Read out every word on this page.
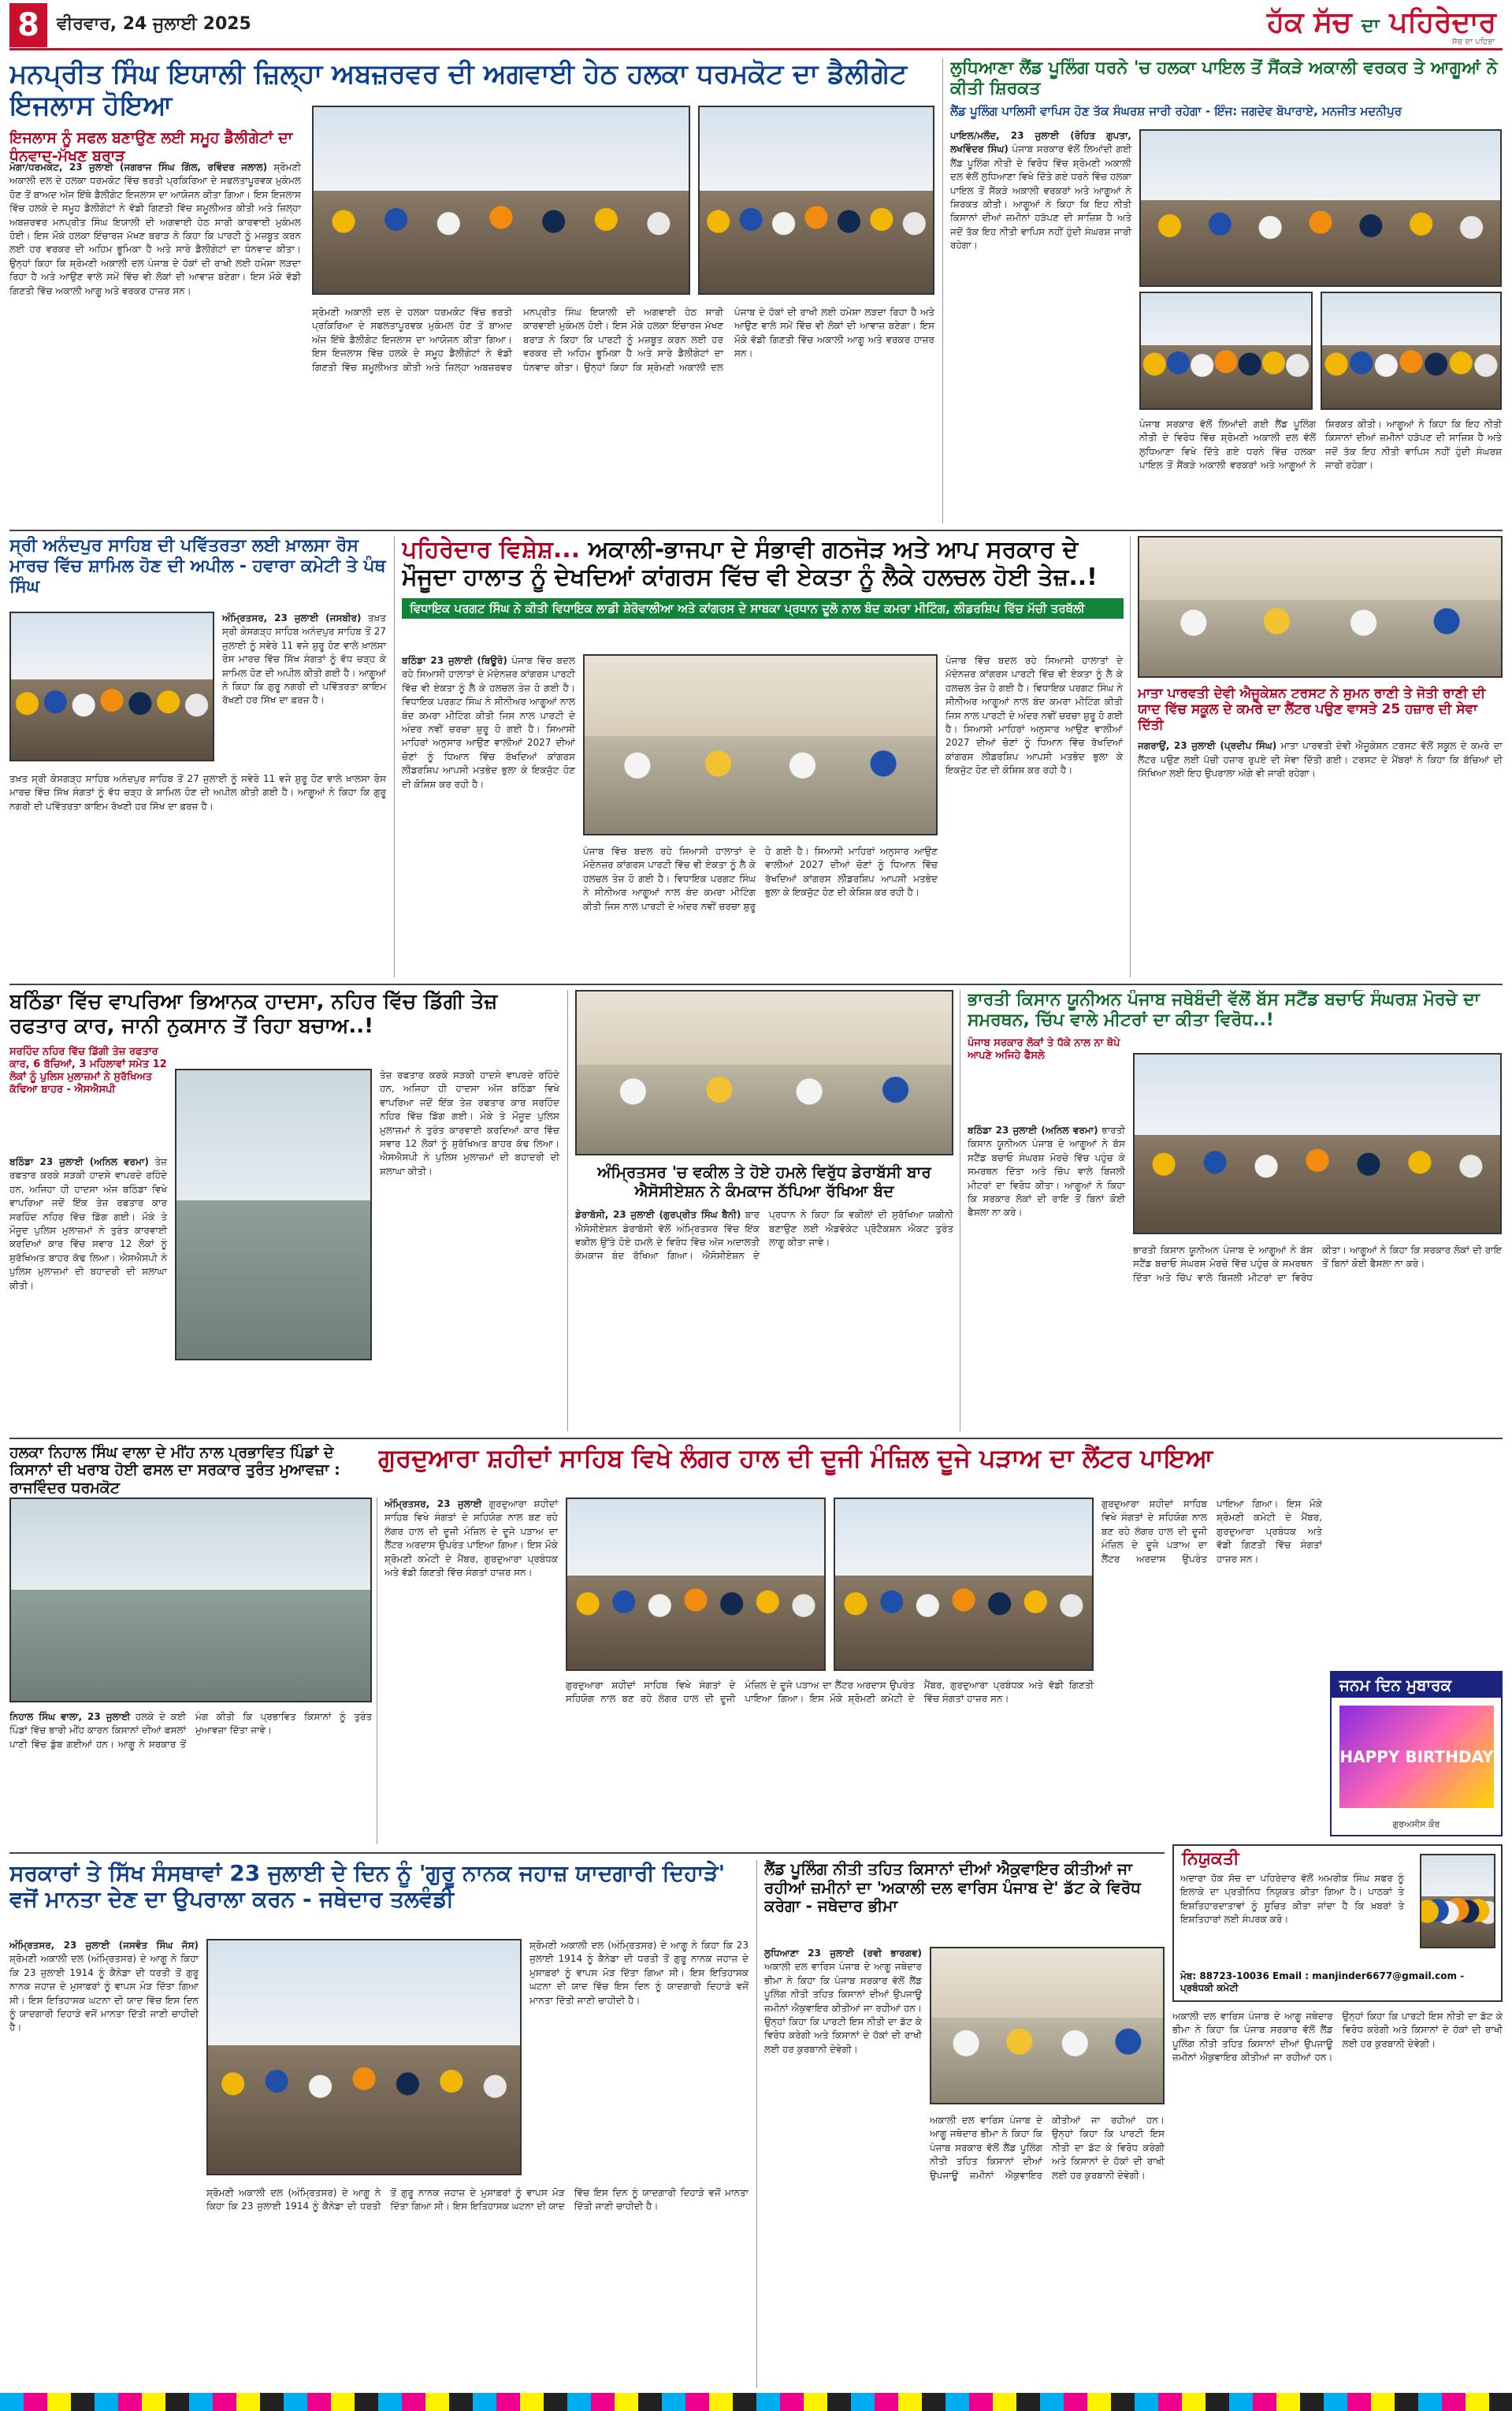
8	ਵੀਰਵਾਰ, 24 ਜੁਲਾਈ 2025	ਹੱਕ ਸੱਚ ਦਾ ਪਹਿਰੇਦਾਰ
ਸੱਚ ਦਾ ਪਹਿਰਾ
ਮਨਪ੍ਰੀਤ ਸਿੰਘ ਇਯਾਲੀ ਜ਼ਿਲ੍ਹਾ ਅਬਜ਼ਰਵਰ ਦੀ ਅਗਵਾਈ ਹੇਠ ਹਲਕਾ ਧਰਮਕੋਟ ਦਾ ਡੈਲੀਗੇਟ ਇਜਲਾਸ ਹੋਇਆ
ਇਜਲਾਸ ਨੂੰ ਸਫਲ ਬਣਾਉਣ ਲਈ ਸਮੂਹ ਡੈਲੀਗੇਟਾਂ ਦਾ ਧੰਨਵਾਦ-ਮੱਖਣ ਬਰਾੜ
ਮੋਗਾ/ਧਰਮਕੋਟ, 23 ਜੁਲਾਈ (ਜਗਰਾਜ ਸਿੰਘ ਗਿੱਲ, ਰਵਿੰਦਰ ਜਲਾਲ) ਸ਼੍ਰੋਮਣੀ ਅਕਾਲੀ ਦਲ ਦੇ ਹਲਕਾ ਧਰਮਕੋਟ ਵਿੱਚ ਭਰਤੀ ਪ੍ਰਕਿਰਿਆ ਦੇ ਸਫਲਤਾਪੂਰਵਕ ਮੁਕੰਮਲ ਹੋਣ ਤੋਂ ਬਾਅਦ ਅੱਜ ਇੱਥੇ ਡੈਲੀਗੇਟ ਇਜਲਾਸ ਦਾ ਆਯੋਜਨ ਕੀਤਾ ਗਿਆ। ਇਸ ਇਜਲਾਸ ਵਿੱਚ ਹਲਕੇ ਦੇ ਸਮੂਹ ਡੈਲੀਗੇਟਾਂ ਨੇ ਵੱਡੀ ਗਿਣਤੀ ਵਿੱਚ ਸ਼ਮੂਲੀਅਤ ਕੀਤੀ ਅਤੇ ਜ਼ਿਲ੍ਹਾ ਅਬਜ਼ਰਵਰ ਮਨਪ੍ਰੀਤ ਸਿੰਘ ਇਯਾਲੀ ਦੀ ਅਗਵਾਈ ਹੇਠ ਸਾਰੀ ਕਾਰਵਾਈ ਮੁਕੰਮਲ ਹੋਈ। ਇਸ ਮੌਕੇ ਹਲਕਾ ਇੰਚਾਰਜ ਮੱਖਣ ਬਰਾੜ ਨੇ ਕਿਹਾ ਕਿ ਪਾਰਟੀ ਨੂੰ ਮਜ਼ਬੂਤ ਕਰਨ ਲਈ ਹਰ ਵਰਕਰ ਦੀ ਅਹਿਮ ਭੂਮਿਕਾ ਹੈ ਅਤੇ ਸਾਰੇ ਡੈਲੀਗੇਟਾਂ ਦਾ ਧੰਨਵਾਦ ਕੀਤਾ। ਉਨ੍ਹਾਂ ਕਿਹਾ ਕਿ ਸ਼੍ਰੋਮਣੀ ਅਕਾਲੀ ਦਲ ਪੰਜਾਬ ਦੇ ਹੱਕਾਂ ਦੀ ਰਾਖੀ ਲਈ ਹਮੇਸ਼ਾ ਲੜਦਾ ਰਿਹਾ ਹੈ ਅਤੇ ਆਉਣ ਵਾਲੇ ਸਮੇਂ ਵਿੱਚ ਵੀ ਲੋਕਾਂ ਦੀ ਆਵਾਜ਼ ਬਣੇਗਾ। ਇਸ ਮੌਕੇ ਵੱਡੀ ਗਿਣਤੀ ਵਿੱਚ ਅਕਾਲੀ ਆਗੂ ਅਤੇ ਵਰਕਰ ਹਾਜ਼ਰ ਸਨ।
ਸ਼੍ਰੋਮਣੀ ਅਕਾਲੀ ਦਲ ਦੇ ਹਲਕਾ ਧਰਮਕੋਟ ਵਿੱਚ ਭਰਤੀ ਪ੍ਰਕਿਰਿਆ ਦੇ ਸਫਲਤਾਪੂਰਵਕ ਮੁਕੰਮਲ ਹੋਣ ਤੋਂ ਬਾਅਦ ਅੱਜ ਇੱਥੇ ਡੈਲੀਗੇਟ ਇਜਲਾਸ ਦਾ ਆਯੋਜਨ ਕੀਤਾ ਗਿਆ। ਇਸ ਇਜਲਾਸ ਵਿੱਚ ਹਲਕੇ ਦੇ ਸਮੂਹ ਡੈਲੀਗੇਟਾਂ ਨੇ ਵੱਡੀ ਗਿਣਤੀ ਵਿੱਚ ਸ਼ਮੂਲੀਅਤ ਕੀਤੀ ਅਤੇ ਜ਼ਿਲ੍ਹਾ ਅਬਜ਼ਰਵਰ ਮਨਪ੍ਰੀਤ ਸਿੰਘ ਇਯਾਲੀ ਦੀ ਅਗਵਾਈ ਹੇਠ ਸਾਰੀ ਕਾਰਵਾਈ ਮੁਕੰਮਲ ਹੋਈ। ਇਸ ਮੌਕੇ ਹਲਕਾ ਇੰਚਾਰਜ ਮੱਖਣ ਬਰਾੜ ਨੇ ਕਿਹਾ ਕਿ ਪਾਰਟੀ ਨੂੰ ਮਜ਼ਬੂਤ ਕਰਨ ਲਈ ਹਰ ਵਰਕਰ ਦੀ ਅਹਿਮ ਭੂਮਿਕਾ ਹੈ ਅਤੇ ਸਾਰੇ ਡੈਲੀਗੇਟਾਂ ਦਾ ਧੰਨਵਾਦ ਕੀਤਾ। ਉਨ੍ਹਾਂ ਕਿਹਾ ਕਿ ਸ਼੍ਰੋਮਣੀ ਅਕਾਲੀ ਦਲ ਪੰਜਾਬ ਦੇ ਹੱਕਾਂ ਦੀ ਰਾਖੀ ਲਈ ਹਮੇਸ਼ਾ ਲੜਦਾ ਰਿਹਾ ਹੈ ਅਤੇ ਆਉਣ ਵਾਲੇ ਸਮੇਂ ਵਿੱਚ ਵੀ ਲੋਕਾਂ ਦੀ ਆਵਾਜ਼ ਬਣੇਗਾ। ਇਸ ਮੌਕੇ ਵੱਡੀ ਗਿਣਤੀ ਵਿੱਚ ਅਕਾਲੀ ਆਗੂ ਅਤੇ ਵਰਕਰ ਹਾਜ਼ਰ ਸਨ।
ਲੁਧਿਆਣਾ ਲੈਂਡ ਪੂਲਿੰਗ ਧਰਨੇ 'ਚ ਹਲਕਾ ਪਾਇਲ ਤੋਂ ਸੈਂਕੜੇ ਅਕਾਲੀ ਵਰਕਰ ਤੇ ਆਗੂਆਂ ਨੇ ਕੀਤੀ ਸ਼ਿਰਕਤ
ਲੈਂਡ ਪੂਲਿੰਗ ਪਾਲਿਸੀ ਵਾਪਿਸ ਹੋਣ ਤੱਕ ਸੰਘਰਸ਼ ਜਾਰੀ ਰਹੇਗਾ - ਇੰਜ: ਜਗਦੇਵ ਬੋਪਾਰਾਏ, ਮਨਜੀਤ ਮਦਨੀਪੁਰ
ਪਾਇਲ/ਮਲੌਦ, 23 ਜੁਲਾਈ (ਰੋਹਿਤ ਗੁਪਤਾ, ਲਖਵਿੰਦਰ ਸਿੰਘ) ਪੰਜਾਬ ਸਰਕਾਰ ਵੱਲੋਂ ਲਿਆਂਦੀ ਗਈ ਲੈਂਡ ਪੂਲਿੰਗ ਨੀਤੀ ਦੇ ਵਿਰੋਧ ਵਿੱਚ ਸ਼੍ਰੋਮਣੀ ਅਕਾਲੀ ਦਲ ਵੱਲੋਂ ਲੁਧਿਆਣਾ ਵਿਖੇ ਦਿੱਤੇ ਗਏ ਧਰਨੇ ਵਿੱਚ ਹਲਕਾ ਪਾਇਲ ਤੋਂ ਸੈਂਕੜੇ ਅਕਾਲੀ ਵਰਕਰਾਂ ਅਤੇ ਆਗੂਆਂ ਨੇ ਸ਼ਿਰਕਤ ਕੀਤੀ। ਆਗੂਆਂ ਨੇ ਕਿਹਾ ਕਿ ਇਹ ਨੀਤੀ ਕਿਸਾਨਾਂ ਦੀਆਂ ਜ਼ਮੀਨਾਂ ਹੜੱਪਣ ਦੀ ਸਾਜ਼ਿਸ਼ ਹੈ ਅਤੇ ਜਦੋਂ ਤੱਕ ਇਹ ਨੀਤੀ ਵਾਪਿਸ ਨਹੀਂ ਹੁੰਦੀ ਸੰਘਰਸ਼ ਜਾਰੀ ਰਹੇਗਾ।
ਪੰਜਾਬ ਸਰਕਾਰ ਵੱਲੋਂ ਲਿਆਂਦੀ ਗਈ ਲੈਂਡ ਪੂਲਿੰਗ ਨੀਤੀ ਦੇ ਵਿਰੋਧ ਵਿੱਚ ਸ਼੍ਰੋਮਣੀ ਅਕਾਲੀ ਦਲ ਵੱਲੋਂ ਲੁਧਿਆਣਾ ਵਿਖੇ ਦਿੱਤੇ ਗਏ ਧਰਨੇ ਵਿੱਚ ਹਲਕਾ ਪਾਇਲ ਤੋਂ ਸੈਂਕੜੇ ਅਕਾਲੀ ਵਰਕਰਾਂ ਅਤੇ ਆਗੂਆਂ ਨੇ ਸ਼ਿਰਕਤ ਕੀਤੀ। ਆਗੂਆਂ ਨੇ ਕਿਹਾ ਕਿ ਇਹ ਨੀਤੀ ਕਿਸਾਨਾਂ ਦੀਆਂ ਜ਼ਮੀਨਾਂ ਹੜੱਪਣ ਦੀ ਸਾਜ਼ਿਸ਼ ਹੈ ਅਤੇ ਜਦੋਂ ਤੱਕ ਇਹ ਨੀਤੀ ਵਾਪਿਸ ਨਹੀਂ ਹੁੰਦੀ ਸੰਘਰਸ਼ ਜਾਰੀ ਰਹੇਗਾ।
ਸ੍ਰੀ ਅਨੰਦਪੁਰ ਸਾਹਿਬ ਦੀ ਪਵਿੱਤਰਤਾ ਲਈ ਖ਼ਾਲਸਾ ਰੋਸ ਮਾਰਚ ਵਿੱਚ ਸ਼ਾਮਿਲ ਹੋਣ ਦੀ ਅਪੀਲ - ਹਵਾਰਾ ਕਮੇਟੀ ਤੇ ਪੰਥ ਸਿੰਘ
ਅੰਮ੍ਰਿਤਸਰ, 23 ਜੁਲਾਈ (ਜਸਬੀਰ) ਤਖ਼ਤ ਸ੍ਰੀ ਕੇਸਗੜ੍ਹ ਸਾਹਿਬ ਅਨੰਦਪੁਰ ਸਾਹਿਬ ਤੋਂ 27 ਜੁਲਾਈ ਨੂੰ ਸਵੇਰੇ 11 ਵਜੇ ਸ਼ੁਰੂ ਹੋਣ ਵਾਲੇ ਖ਼ਾਲਸਾ ਰੋਸ ਮਾਰਚ ਵਿੱਚ ਸਿੱਖ ਸੰਗਤਾਂ ਨੂੰ ਵੱਧ ਚੜ੍ਹ ਕੇ ਸ਼ਾਮਿਲ ਹੋਣ ਦੀ ਅਪੀਲ ਕੀਤੀ ਗਈ ਹੈ। ਆਗੂਆਂ ਨੇ ਕਿਹਾ ਕਿ ਗੁਰੂ ਨਗਰੀ ਦੀ ਪਵਿੱਤਰਤਾ ਕਾਇਮ ਰੱਖਣੀ ਹਰ ਸਿੱਖ ਦਾ ਫ਼ਰਜ਼ ਹੈ।
ਤਖ਼ਤ ਸ੍ਰੀ ਕੇਸਗੜ੍ਹ ਸਾਹਿਬ ਅਨੰਦਪੁਰ ਸਾਹਿਬ ਤੋਂ 27 ਜੁਲਾਈ ਨੂੰ ਸਵੇਰੇ 11 ਵਜੇ ਸ਼ੁਰੂ ਹੋਣ ਵਾਲੇ ਖ਼ਾਲਸਾ ਰੋਸ ਮਾਰਚ ਵਿੱਚ ਸਿੱਖ ਸੰਗਤਾਂ ਨੂੰ ਵੱਧ ਚੜ੍ਹ ਕੇ ਸ਼ਾਮਿਲ ਹੋਣ ਦੀ ਅਪੀਲ ਕੀਤੀ ਗਈ ਹੈ। ਆਗੂਆਂ ਨੇ ਕਿਹਾ ਕਿ ਗੁਰੂ ਨਗਰੀ ਦੀ ਪਵਿੱਤਰਤਾ ਕਾਇਮ ਰੱਖਣੀ ਹਰ ਸਿੱਖ ਦਾ ਫ਼ਰਜ਼ ਹੈ।
ਪਹਿਰੇਦਾਰ ਵਿਸ਼ੇਸ਼... ਅਕਾਲੀ-ਭਾਜਪਾ ਦੇ ਸੰਭਾਵੀ ਗਠਜੋੜ ਅਤੇ ਆਪ ਸਰਕਾਰ ਦੇ ਮੌਜੂਦਾ ਹਾਲਾਤ ਨੂੰ ਦੇਖਦਿਆਂ ਕਾਂਗਰਸ ਵਿੱਚ ਵੀ ਏਕਤਾ ਨੂੰ ਲੈਕੇ ਹਲਚਲ ਹੋਈ ਤੇਜ਼..!
ਵਿਧਾਇਕ ਪਰਗਟ ਸਿੰਘ ਨੇ ਕੀਤੀ ਵਿਧਾਇਕ ਲਾਡੀ ਸ਼ੇਰੋਵਾਲੀਆ ਅਤੇ ਕਾਂਗਰਸ ਦੇ ਸਾਬਕਾ ਪ੍ਰਧਾਨ ਦੂਲੋ ਨਾਲ ਬੰਦ ਕਮਰਾ ਮੀਟਿੰਗ, ਲੀਡਰਸ਼ਿਪ ਵਿੱਚ ਮੱਚੀ ਤਰਥੱਲੀ
ਬਠਿੰਡਾ 23 ਜੁਲਾਈ (ਬਿਊਰੋ) ਪੰਜਾਬ ਵਿੱਚ ਬਦਲ ਰਹੇ ਸਿਆਸੀ ਹਾਲਾਤਾਂ ਦੇ ਮੱਦੇਨਜ਼ਰ ਕਾਂਗਰਸ ਪਾਰਟੀ ਵਿੱਚ ਵੀ ਏਕਤਾ ਨੂੰ ਲੈ ਕੇ ਹਲਚਲ ਤੇਜ਼ ਹੋ ਗਈ ਹੈ। ਵਿਧਾਇਕ ਪਰਗਟ ਸਿੰਘ ਨੇ ਸੀਨੀਅਰ ਆਗੂਆਂ ਨਾਲ ਬੰਦ ਕਮਰਾ ਮੀਟਿੰਗ ਕੀਤੀ ਜਿਸ ਨਾਲ ਪਾਰਟੀ ਦੇ ਅੰਦਰ ਨਵੀਂ ਚਰਚਾ ਸ਼ੁਰੂ ਹੋ ਗਈ ਹੈ। ਸਿਆਸੀ ਮਾਹਿਰਾਂ ਅਨੁਸਾਰ ਆਉਣ ਵਾਲੀਆਂ 2027 ਦੀਆਂ ਚੋਣਾਂ ਨੂੰ ਧਿਆਨ ਵਿੱਚ ਰੱਖਦਿਆਂ ਕਾਂਗਰਸ ਲੀਡਰਸ਼ਿਪ ਆਪਸੀ ਮਤਭੇਦ ਭੁਲਾ ਕੇ ਇਕਜੁੱਟ ਹੋਣ ਦੀ ਕੋਸ਼ਿਸ਼ ਕਰ ਰਹੀ ਹੈ।
ਪੰਜਾਬ ਵਿੱਚ ਬਦਲ ਰਹੇ ਸਿਆਸੀ ਹਾਲਾਤਾਂ ਦੇ ਮੱਦੇਨਜ਼ਰ ਕਾਂਗਰਸ ਪਾਰਟੀ ਵਿੱਚ ਵੀ ਏਕਤਾ ਨੂੰ ਲੈ ਕੇ ਹਲਚਲ ਤੇਜ਼ ਹੋ ਗਈ ਹੈ। ਵਿਧਾਇਕ ਪਰਗਟ ਸਿੰਘ ਨੇ ਸੀਨੀਅਰ ਆਗੂਆਂ ਨਾਲ ਬੰਦ ਕਮਰਾ ਮੀਟਿੰਗ ਕੀਤੀ ਜਿਸ ਨਾਲ ਪਾਰਟੀ ਦੇ ਅੰਦਰ ਨਵੀਂ ਚਰਚਾ ਸ਼ੁਰੂ ਹੋ ਗਈ ਹੈ। ਸਿਆਸੀ ਮਾਹਿਰਾਂ ਅਨੁਸਾਰ ਆਉਣ ਵਾਲੀਆਂ 2027 ਦੀਆਂ ਚੋਣਾਂ ਨੂੰ ਧਿਆਨ ਵਿੱਚ ਰੱਖਦਿਆਂ ਕਾਂਗਰਸ ਲੀਡਰਸ਼ਿਪ ਆਪਸੀ ਮਤਭੇਦ ਭੁਲਾ ਕੇ ਇਕਜੁੱਟ ਹੋਣ ਦੀ ਕੋਸ਼ਿਸ਼ ਕਰ ਰਹੀ ਹੈ।
ਪੰਜਾਬ ਵਿੱਚ ਬਦਲ ਰਹੇ ਸਿਆਸੀ ਹਾਲਾਤਾਂ ਦੇ ਮੱਦੇਨਜ਼ਰ ਕਾਂਗਰਸ ਪਾਰਟੀ ਵਿੱਚ ਵੀ ਏਕਤਾ ਨੂੰ ਲੈ ਕੇ ਹਲਚਲ ਤੇਜ਼ ਹੋ ਗਈ ਹੈ। ਵਿਧਾਇਕ ਪਰਗਟ ਸਿੰਘ ਨੇ ਸੀਨੀਅਰ ਆਗੂਆਂ ਨਾਲ ਬੰਦ ਕਮਰਾ ਮੀਟਿੰਗ ਕੀਤੀ ਜਿਸ ਨਾਲ ਪਾਰਟੀ ਦੇ ਅੰਦਰ ਨਵੀਂ ਚਰਚਾ ਸ਼ੁਰੂ ਹੋ ਗਈ ਹੈ। ਸਿਆਸੀ ਮਾਹਿਰਾਂ ਅਨੁਸਾਰ ਆਉਣ ਵਾਲੀਆਂ 2027 ਦੀਆਂ ਚੋਣਾਂ ਨੂੰ ਧਿਆਨ ਵਿੱਚ ਰੱਖਦਿਆਂ ਕਾਂਗਰਸ ਲੀਡਰਸ਼ਿਪ ਆਪਸੀ ਮਤਭੇਦ ਭੁਲਾ ਕੇ ਇਕਜੁੱਟ ਹੋਣ ਦੀ ਕੋਸ਼ਿਸ਼ ਕਰ ਰਹੀ ਹੈ।
ਮਾਤਾ ਪਾਰਵਤੀ ਦੇਵੀ ਐਜੂਕੇਸ਼ਨ ਟਰਸਟ ਨੇ ਸੁਮਨ ਰਾਣੀ ਤੇ ਜੋਤੀ ਰਾਣੀ ਦੀ ਯਾਦ ਵਿੱਚ ਸਕੂਲ ਦੇ ਕਮਰੇ ਦਾ ਲੈਂਟਰ ਪਉਣ ਵਾਸਤੇ 25 ਹਜ਼ਾਰ ਦੀ ਸੇਵਾ ਦਿੱਤੀ
ਜਗਰਾਉਂ, 23 ਜੁਲਾਈ (ਪ੍ਰਦੀਪ ਸਿੰਘ) ਮਾਤਾ ਪਾਰਵਤੀ ਦੇਵੀ ਐਜੂਕੇਸ਼ਨ ਟਰਸਟ ਵੱਲੋਂ ਸਕੂਲ ਦੇ ਕਮਰੇ ਦਾ ਲੈਂਟਰ ਪਉਣ ਲਈ ਪੱਚੀ ਹਜ਼ਾਰ ਰੁਪਏ ਦੀ ਸੇਵਾ ਦਿੱਤੀ ਗਈ। ਟਰਸਟ ਦੇ ਮੈਂਬਰਾਂ ਨੇ ਕਿਹਾ ਕਿ ਬੱਚਿਆਂ ਦੀ ਸਿੱਖਿਆ ਲਈ ਇਹ ਉਪਰਾਲਾ ਅੱਗੇ ਵੀ ਜਾਰੀ ਰਹੇਗਾ।
ਬਠਿੰਡਾ ਵਿੱਚ ਵਾਪਰਿਆ ਭਿਆਨਕ ਹਾਦਸਾ, ਨਹਿਰ ਵਿੱਚ ਡਿੱਗੀ ਤੇਜ਼ ਰਫਤਾਰ ਕਾਰ, ਜਾਨੀ ਨੁਕਸਾਨ ਤੋਂ ਰਿਹਾ ਬਚਾਅ..!
ਸਰਹਿੰਦ ਨਹਿਰ ਵਿੱਚ ਡਿੱਗੀ ਤੇਜ਼ ਰਫਤਾਰ ਕਾਰ, 6 ਬੱਚਿਆਂ, 3 ਮਹਿਲਾਵਾਂ ਸਮੇਤ 12 ਲੋਕਾਂ ਨੂੰ ਪੁਲਿਸ ਮੁਲਾਜ਼ਮਾਂ ਨੇ ਸੁਰੱਖਿਅਤ ਕੱਢਿਆ ਬਾਹਰ - ਐਸਐਸਪੀ
ਬਠਿੰਡਾ 23 ਜੁਲਾਈ (ਅਨਿਲ ਵਰਮਾ) ਤੇਜ਼ ਰਫਤਾਰ ਕਰਕੇ ਸੜਕੀ ਹਾਦਸੇ ਵਾਪਰਦੇ ਰਹਿੰਦੇ ਹਨ, ਅਜਿਹਾ ਹੀ ਹਾਦਸਾ ਅੱਜ ਬਠਿੰਡਾ ਵਿਖੇ ਵਾਪਰਿਆ ਜਦੋਂ ਇੱਕ ਤੇਜ਼ ਰਫਤਾਰ ਕਾਰ ਸਰਹਿੰਦ ਨਹਿਰ ਵਿੱਚ ਡਿੱਗ ਗਈ। ਮੌਕੇ ਤੇ ਮੌਜੂਦ ਪੁਲਿਸ ਮੁਲਾਜ਼ਮਾਂ ਨੇ ਤੁਰੰਤ ਕਾਰਵਾਈ ਕਰਦਿਆਂ ਕਾਰ ਵਿੱਚ ਸਵਾਰ 12 ਲੋਕਾਂ ਨੂੰ ਸੁਰੱਖਿਅਤ ਬਾਹਰ ਕੱਢ ਲਿਆ। ਐਸਐਸਪੀ ਨੇ ਪੁਲਿਸ ਮੁਲਾਜ਼ਮਾਂ ਦੀ ਬਹਾਦਰੀ ਦੀ ਸ਼ਲਾਘਾ ਕੀਤੀ।
ਤੇਜ਼ ਰਫਤਾਰ ਕਰਕੇ ਸੜਕੀ ਹਾਦਸੇ ਵਾਪਰਦੇ ਰਹਿੰਦੇ ਹਨ, ਅਜਿਹਾ ਹੀ ਹਾਦਸਾ ਅੱਜ ਬਠਿੰਡਾ ਵਿਖੇ ਵਾਪਰਿਆ ਜਦੋਂ ਇੱਕ ਤੇਜ਼ ਰਫਤਾਰ ਕਾਰ ਸਰਹਿੰਦ ਨਹਿਰ ਵਿੱਚ ਡਿੱਗ ਗਈ। ਮੌਕੇ ਤੇ ਮੌਜੂਦ ਪੁਲਿਸ ਮੁਲਾਜ਼ਮਾਂ ਨੇ ਤੁਰੰਤ ਕਾਰਵਾਈ ਕਰਦਿਆਂ ਕਾਰ ਵਿੱਚ ਸਵਾਰ 12 ਲੋਕਾਂ ਨੂੰ ਸੁਰੱਖਿਅਤ ਬਾਹਰ ਕੱਢ ਲਿਆ। ਐਸਐਸਪੀ ਨੇ ਪੁਲਿਸ ਮੁਲਾਜ਼ਮਾਂ ਦੀ ਬਹਾਦਰੀ ਦੀ ਸ਼ਲਾਘਾ ਕੀਤੀ।	ਅੰਮ੍ਰਿਤਸਰ 'ਚ ਵਕੀਲ ਤੇ ਹੋਏ ਹਮਲੇ ਵਿਰੁੱਧ ਡੇਰਾਬੱਸੀ ਬਾਰ ਐਸੋਸੀਏਸ਼ਨ ਨੇ ਕੰਮਕਾਜ ਠੱਪਿਆ ਰੱਖਿਆ ਬੰਦ
ਡੇਰਾਬੱਸੀ, 23 ਜੁਲਾਈ (ਗੁਰਪ੍ਰੀਤ ਸਿੰਘ ਬੈਨੀ) ਬਾਰ ਐਸੋਸੀਏਸ਼ਨ ਡੇਰਾਬੱਸੀ ਵੱਲੋਂ ਅੰਮ੍ਰਿਤਸਰ ਵਿੱਚ ਇੱਕ ਵਕੀਲ ਉੱਤੇ ਹੋਏ ਹਮਲੇ ਦੇ ਵਿਰੋਧ ਵਿੱਚ ਅੱਜ ਅਦਾਲਤੀ ਕੰਮਕਾਜ ਬੰਦ ਰੱਖਿਆ ਗਿਆ। ਐਸੋਸੀਏਸ਼ਨ ਦੇ ਪ੍ਰਧਾਨ ਨੇ ਕਿਹਾ ਕਿ ਵਕੀਲਾਂ ਦੀ ਸੁਰੱਖਿਆ ਯਕੀਨੀ ਬਣਾਉਣ ਲਈ ਐਡਵੋਕੇਟ ਪ੍ਰੋਟੈਕਸ਼ਨ ਐਕਟ ਤੁਰੰਤ ਲਾਗੂ ਕੀਤਾ ਜਾਵੇ।
ਭਾਰਤੀ ਕਿਸਾਨ ਯੂਨੀਅਨ ਪੰਜਾਬ ਜਥੇਬੰਦੀ ਵੱਲੋਂ ਬੱਸ ਸਟੈਂਡ ਬਚਾਓ ਸੰਘਰਸ਼ ਮੋਰਚੇ ਦਾ ਸਮਰਥਨ, ਚਿੱਪ ਵਾਲੇ ਮੀਟਰਾਂ ਦਾ ਕੀਤਾ ਵਿਰੋਧ..!
ਪੰਜਾਬ ਸਰਕਾਰ ਲੋਕਾਂ ਤੇ ਧੱਕੇ ਨਾਲ ਨਾ ਥੋਪੇ ਆਪਣੇ ਅਜਿਹੇ ਫੈਸਲੇ
ਬਠਿੰਡਾ 23 ਜੁਲਾਈ (ਅਨਿਲ ਵਰਮਾ) ਭਾਰਤੀ ਕਿਸਾਨ ਯੂਨੀਅਨ ਪੰਜਾਬ ਦੇ ਆਗੂਆਂ ਨੇ ਬੱਸ ਸਟੈਂਡ ਬਚਾਓ ਸੰਘਰਸ਼ ਮੋਰਚੇ ਵਿੱਚ ਪਹੁੰਚ ਕੇ ਸਮਰਥਨ ਦਿੱਤਾ ਅਤੇ ਚਿੱਪ ਵਾਲੇ ਬਿਜਲੀ ਮੀਟਰਾਂ ਦਾ ਵਿਰੋਧ ਕੀਤਾ। ਆਗੂਆਂ ਨੇ ਕਿਹਾ ਕਿ ਸਰਕਾਰ ਲੋਕਾਂ ਦੀ ਰਾਇ ਤੋਂ ਬਿਨਾਂ ਕੋਈ ਫੈਸਲਾ ਨਾ ਕਰੇ।
ਭਾਰਤੀ ਕਿਸਾਨ ਯੂਨੀਅਨ ਪੰਜਾਬ ਦੇ ਆਗੂਆਂ ਨੇ ਬੱਸ ਸਟੈਂਡ ਬਚਾਓ ਸੰਘਰਸ਼ ਮੋਰਚੇ ਵਿੱਚ ਪਹੁੰਚ ਕੇ ਸਮਰਥਨ ਦਿੱਤਾ ਅਤੇ ਚਿੱਪ ਵਾਲੇ ਬਿਜਲੀ ਮੀਟਰਾਂ ਦਾ ਵਿਰੋਧ ਕੀਤਾ। ਆਗੂਆਂ ਨੇ ਕਿਹਾ ਕਿ ਸਰਕਾਰ ਲੋਕਾਂ ਦੀ ਰਾਇ ਤੋਂ ਬਿਨਾਂ ਕੋਈ ਫੈਸਲਾ ਨਾ ਕਰੇ।
ਹਲਕਾ ਨਿਹਾਲ ਸਿੰਘ ਵਾਲਾ ਦੇ ਮੀਂਹ ਨਾਲ ਪ੍ਰਭਾਵਿਤ ਪਿੰਡਾਂ ਦੇ ਕਿਸਾਨਾਂ ਦੀ ਖਰਾਬ ਹੋਈ ਫਸਲ ਦਾ ਸਰਕਾਰ ਤੁਰੰਤ ਮੁਆਵਜ਼ਾ : ਰਾਜਵਿੰਦਰ ਧਰਮਕੋਟ
ਗੁਰਦੁਆਰਾ ਸ਼ਹੀਦਾਂ ਸਾਹਿਬ ਵਿਖੇ ਲੰਗਰ ਹਾਲ ਦੀ ਦੂਜੀ ਮੰਜ਼ਿਲ ਦੂਜੇ ਪੜਾਅ ਦਾ ਲੈਂਟਰ ਪਾਇਆ
ਨਿਹਾਲ ਸਿੰਘ ਵਾਲਾ, 23 ਜੁਲਾਈ ਹਲਕੇ ਦੇ ਕਈ ਪਿੰਡਾਂ ਵਿੱਚ ਭਾਰੀ ਮੀਂਹ ਕਾਰਨ ਕਿਸਾਨਾਂ ਦੀਆਂ ਫਸਲਾਂ ਪਾਣੀ ਵਿੱਚ ਡੁੱਬ ਗਈਆਂ ਹਨ। ਆਗੂ ਨੇ ਸਰਕਾਰ ਤੋਂ ਮੰਗ ਕੀਤੀ ਕਿ ਪ੍ਰਭਾਵਿਤ ਕਿਸਾਨਾਂ ਨੂੰ ਤੁਰੰਤ ਮੁਆਵਜ਼ਾ ਦਿੱਤਾ ਜਾਵੇ।
ਅੰਮ੍ਰਿਤਸਰ, 23 ਜੁਲਾਈ ਗੁਰਦੁਆਰਾ ਸ਼ਹੀਦਾਂ ਸਾਹਿਬ ਵਿਖੇ ਸੰਗਤਾਂ ਦੇ ਸਹਿਯੋਗ ਨਾਲ ਬਣ ਰਹੇ ਲੰਗਰ ਹਾਲ ਦੀ ਦੂਜੀ ਮੰਜ਼ਿਲ ਦੇ ਦੂਜੇ ਪੜਾਅ ਦਾ ਲੈਂਟਰ ਅਰਦਾਸ ਉਪਰੰਤ ਪਾਇਆ ਗਿਆ। ਇਸ ਮੌਕੇ ਸ਼੍ਰੋਮਣੀ ਕਮੇਟੀ ਦੇ ਮੈਂਬਰ, ਗੁਰਦੁਆਰਾ ਪ੍ਰਬੰਧਕ ਅਤੇ ਵੱਡੀ ਗਿਣਤੀ ਵਿੱਚ ਸੰਗਤਾਂ ਹਾਜ਼ਰ ਸਨ।
ਗੁਰਦੁਆਰਾ ਸ਼ਹੀਦਾਂ ਸਾਹਿਬ ਵਿਖੇ ਸੰਗਤਾਂ ਦੇ ਸਹਿਯੋਗ ਨਾਲ ਬਣ ਰਹੇ ਲੰਗਰ ਹਾਲ ਦੀ ਦੂਜੀ ਮੰਜ਼ਿਲ ਦੇ ਦੂਜੇ ਪੜਾਅ ਦਾ ਲੈਂਟਰ ਅਰਦਾਸ ਉਪਰੰਤ ਪਾਇਆ ਗਿਆ। ਇਸ ਮੌਕੇ ਸ਼੍ਰੋਮਣੀ ਕਮੇਟੀ ਦੇ ਮੈਂਬਰ, ਗੁਰਦੁਆਰਾ ਪ੍ਰਬੰਧਕ ਅਤੇ ਵੱਡੀ ਗਿਣਤੀ ਵਿੱਚ ਸੰਗਤਾਂ ਹਾਜ਼ਰ ਸਨ।
ਗੁਰਦੁਆਰਾ ਸ਼ਹੀਦਾਂ ਸਾਹਿਬ ਵਿਖੇ ਸੰਗਤਾਂ ਦੇ ਸਹਿਯੋਗ ਨਾਲ ਬਣ ਰਹੇ ਲੰਗਰ ਹਾਲ ਦੀ ਦੂਜੀ ਮੰਜ਼ਿਲ ਦੇ ਦੂਜੇ ਪੜਾਅ ਦਾ ਲੈਂਟਰ ਅਰਦਾਸ ਉਪਰੰਤ ਪਾਇਆ ਗਿਆ। ਇਸ ਮੌਕੇ ਸ਼੍ਰੋਮਣੀ ਕਮੇਟੀ ਦੇ ਮੈਂਬਰ, ਗੁਰਦੁਆਰਾ ਪ੍ਰਬੰਧਕ ਅਤੇ ਵੱਡੀ ਗਿਣਤੀ ਵਿੱਚ ਸੰਗਤਾਂ ਹਾਜ਼ਰ ਸਨ।
ਜਨਮ ਦਿਨ ਮੁਬਾਰਕ
HAPPY BIRTHDAY
ਗੁਰਅਸੀਸ ਕੌਰ
ਨਿਯੁਕਤੀ
ਅਦਾਰਾ ਹੱਕ ਸੱਚ ਦਾ ਪਹਿਰੇਦਾਰ ਵੱਲੋਂ ਅਮਰੀਕ ਸਿੰਘ ਸਫਰ ਨੂੰ ਇਲਾਕੇ ਦਾ ਪ੍ਰਤੀਨਿਧ ਨਿਯੁਕਤ ਕੀਤਾ ਗਿਆ ਹੈ। ਪਾਠਕਾਂ ਤੇ ਇਸ਼ਤਿਹਾਰਦਾਤਾਵਾਂ ਨੂੰ ਸੂਚਿਤ ਕੀਤਾ ਜਾਂਦਾ ਹੈ ਕਿ ਖ਼ਬਰਾਂ ਤੇ ਇਸ਼ਤਿਹਾਰਾਂ ਲਈ ਸੰਪਰਕ ਕਰੋ।
ਮੋਬ: 88723-10036 Email : manjinder6677@gmail.com - ਪ੍ਰਬੰਧਕੀ ਕਮੇਟੀ
ਸਰਕਾਰਾਂ ਤੇ ਸਿੱਖ ਸੰਸਥਾਵਾਂ 23 ਜੁਲਾਈ ਦੇ ਦਿਨ ਨੂੰ 'ਗੁਰੂ ਨਾਨਕ ਜਹਾਜ਼ ਯਾਦਗਾਰੀ ਦਿਹਾੜੇ' ਵਜੋਂ ਮਾਨਤਾ ਦੇਣ ਦਾ ਉਪਰਾਲਾ ਕਰਨ - ਜਥੇਦਾਰ ਤਲਵੰਡੀ
ਅੰਮ੍ਰਿਤਸਰ, 23 ਜੁਲਾਈ (ਜਸਵੰਤ ਸਿੰਘ ਜੱਸ) ਸ਼੍ਰੋਮਣੀ ਅਕਾਲੀ ਦਲ (ਅੰਮ੍ਰਿਤਸਰ) ਦੇ ਆਗੂ ਨੇ ਕਿਹਾ ਕਿ 23 ਜੁਲਾਈ 1914 ਨੂੰ ਕੈਨੇਡਾ ਦੀ ਧਰਤੀ ਤੋਂ ਗੁਰੂ ਨਾਨਕ ਜਹਾਜ਼ ਦੇ ਮੁਸਾਫ਼ਰਾਂ ਨੂੰ ਵਾਪਸ ਮੋੜ ਦਿੱਤਾ ਗਿਆ ਸੀ। ਇਸ ਇਤਿਹਾਸਕ ਘਟਨਾ ਦੀ ਯਾਦ ਵਿੱਚ ਇਸ ਦਿਨ ਨੂੰ ਯਾਦਗਾਰੀ ਦਿਹਾੜੇ ਵਜੋਂ ਮਾਨਤਾ ਦਿੱਤੀ ਜਾਣੀ ਚਾਹੀਦੀ ਹੈ।
ਸ਼੍ਰੋਮਣੀ ਅਕਾਲੀ ਦਲ (ਅੰਮ੍ਰਿਤਸਰ) ਦੇ ਆਗੂ ਨੇ ਕਿਹਾ ਕਿ 23 ਜੁਲਾਈ 1914 ਨੂੰ ਕੈਨੇਡਾ ਦੀ ਧਰਤੀ ਤੋਂ ਗੁਰੂ ਨਾਨਕ ਜਹਾਜ਼ ਦੇ ਮੁਸਾਫ਼ਰਾਂ ਨੂੰ ਵਾਪਸ ਮੋੜ ਦਿੱਤਾ ਗਿਆ ਸੀ। ਇਸ ਇਤਿਹਾਸਕ ਘਟਨਾ ਦੀ ਯਾਦ ਵਿੱਚ ਇਸ ਦਿਨ ਨੂੰ ਯਾਦਗਾਰੀ ਦਿਹਾੜੇ ਵਜੋਂ ਮਾਨਤਾ ਦਿੱਤੀ ਜਾਣੀ ਚਾਹੀਦੀ ਹੈ।
ਸ਼੍ਰੋਮਣੀ ਅਕਾਲੀ ਦਲ (ਅੰਮ੍ਰਿਤਸਰ) ਦੇ ਆਗੂ ਨੇ ਕਿਹਾ ਕਿ 23 ਜੁਲਾਈ 1914 ਨੂੰ ਕੈਨੇਡਾ ਦੀ ਧਰਤੀ ਤੋਂ ਗੁਰੂ ਨਾਨਕ ਜਹਾਜ਼ ਦੇ ਮੁਸਾਫ਼ਰਾਂ ਨੂੰ ਵਾਪਸ ਮੋੜ ਦਿੱਤਾ ਗਿਆ ਸੀ। ਇਸ ਇਤਿਹਾਸਕ ਘਟਨਾ ਦੀ ਯਾਦ ਵਿੱਚ ਇਸ ਦਿਨ ਨੂੰ ਯਾਦਗਾਰੀ ਦਿਹਾੜੇ ਵਜੋਂ ਮਾਨਤਾ ਦਿੱਤੀ ਜਾਣੀ ਚਾਹੀਦੀ ਹੈ।
ਲੈਂਡ ਪੂਲਿੰਗ ਨੀਤੀ ਤਹਿਤ ਕਿਸਾਨਾਂ ਦੀਆਂ ਐਕੁਵਾਇਰ ਕੀਤੀਆਂ ਜਾ ਰਹੀਆਂ ਜ਼ਮੀਨਾਂ ਦਾ 'ਅਕਾਲੀ ਦਲ ਵਾਰਿਸ ਪੰਜਾਬ ਦੇ' ਡੱਟ ਕੇ ਵਿਰੋਧ ਕਰੇਗਾ - ਜਥੇਦਾਰ ਭੀਮਾ
ਲੁਧਿਆਣਾ 23 ਜੁਲਾਈ (ਰਵੀ ਭਾਰਗਵ) ਅਕਾਲੀ ਦਲ ਵਾਰਿਸ ਪੰਜਾਬ ਦੇ ਆਗੂ ਜਥੇਦਾਰ ਭੀਮਾ ਨੇ ਕਿਹਾ ਕਿ ਪੰਜਾਬ ਸਰਕਾਰ ਵੱਲੋਂ ਲੈਂਡ ਪੂਲਿੰਗ ਨੀਤੀ ਤਹਿਤ ਕਿਸਾਨਾਂ ਦੀਆਂ ਉਪਜਾਊ ਜ਼ਮੀਨਾਂ ਐਕੁਵਾਇਰ ਕੀਤੀਆਂ ਜਾ ਰਹੀਆਂ ਹਨ। ਉਨ੍ਹਾਂ ਕਿਹਾ ਕਿ ਪਾਰਟੀ ਇਸ ਨੀਤੀ ਦਾ ਡੱਟ ਕੇ ਵਿਰੋਧ ਕਰੇਗੀ ਅਤੇ ਕਿਸਾਨਾਂ ਦੇ ਹੱਕਾਂ ਦੀ ਰਾਖੀ ਲਈ ਹਰ ਕੁਰਬਾਨੀ ਦੇਵੇਗੀ।
ਅਕਾਲੀ ਦਲ ਵਾਰਿਸ ਪੰਜਾਬ ਦੇ ਆਗੂ ਜਥੇਦਾਰ ਭੀਮਾ ਨੇ ਕਿਹਾ ਕਿ ਪੰਜਾਬ ਸਰਕਾਰ ਵੱਲੋਂ ਲੈਂਡ ਪੂਲਿੰਗ ਨੀਤੀ ਤਹਿਤ ਕਿਸਾਨਾਂ ਦੀਆਂ ਉਪਜਾਊ ਜ਼ਮੀਨਾਂ ਐਕੁਵਾਇਰ ਕੀਤੀਆਂ ਜਾ ਰਹੀਆਂ ਹਨ। ਉਨ੍ਹਾਂ ਕਿਹਾ ਕਿ ਪਾਰਟੀ ਇਸ ਨੀਤੀ ਦਾ ਡੱਟ ਕੇ ਵਿਰੋਧ ਕਰੇਗੀ ਅਤੇ ਕਿਸਾਨਾਂ ਦੇ ਹੱਕਾਂ ਦੀ ਰਾਖੀ ਲਈ ਹਰ ਕੁਰਬਾਨੀ ਦੇਵੇਗੀ।
ਅਕਾਲੀ ਦਲ ਵਾਰਿਸ ਪੰਜਾਬ ਦੇ ਆਗੂ ਜਥੇਦਾਰ ਭੀਮਾ ਨੇ ਕਿਹਾ ਕਿ ਪੰਜਾਬ ਸਰਕਾਰ ਵੱਲੋਂ ਲੈਂਡ ਪੂਲਿੰਗ ਨੀਤੀ ਤਹਿਤ ਕਿਸਾਨਾਂ ਦੀਆਂ ਉਪਜਾਊ ਜ਼ਮੀਨਾਂ ਐਕੁਵਾਇਰ ਕੀਤੀਆਂ ਜਾ ਰਹੀਆਂ ਹਨ। ਉਨ੍ਹਾਂ ਕਿਹਾ ਕਿ ਪਾਰਟੀ ਇਸ ਨੀਤੀ ਦਾ ਡੱਟ ਕੇ ਵਿਰੋਧ ਕਰੇਗੀ ਅਤੇ ਕਿਸਾਨਾਂ ਦੇ ਹੱਕਾਂ ਦੀ ਰਾਖੀ ਲਈ ਹਰ ਕੁਰਬਾਨੀ ਦੇਵੇਗੀ।
